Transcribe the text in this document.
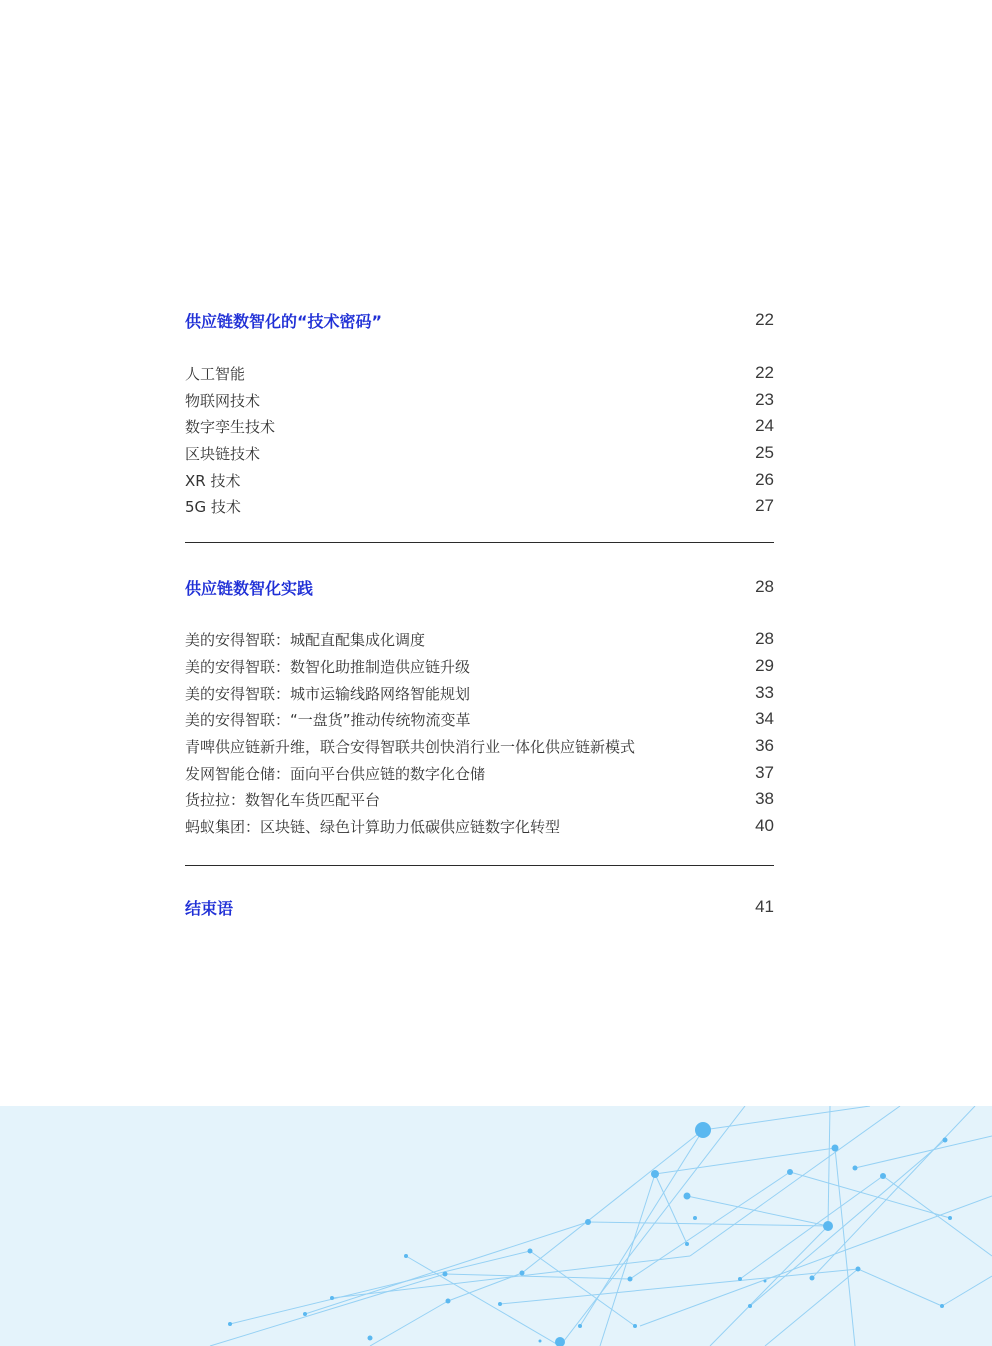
供应链数智化的“技术密码”	22
人工智能	22
物联网技术	23
数字孪生技术	24
区块链技术	25
XR 技术	26
5G 技术	27
供应链数智化实践	28
美的安得智联：城配直配集成化调度	28
美的安得智联：数智化助推制造供应链升级	29
美的安得智联：城市运输线路网络智能规划	33
美的安得智联：“一盘货”推动传统物流变革	34
青啤供应链新升维，联合安得智联共创快消行业一体化供应链新模式	36
发网智能仓储：面向平台供应链的数字化仓储	37
货拉拉：数智化车货匹配平台	38
蚂蚁集团：区块链、绿色计算助力低碳供应链数字化转型	40
结束语	41
